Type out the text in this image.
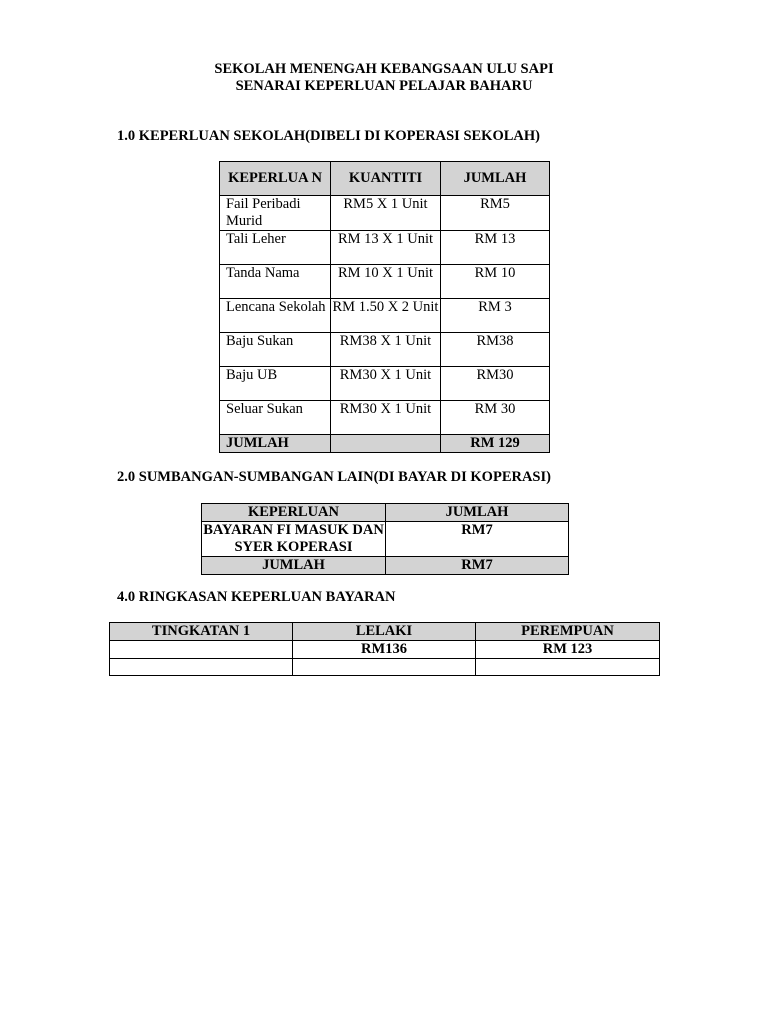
SEKOLAH MENENGAH KEBANGSAAN ULU SAPI
SENARAI KEPERLUAN PELAJAR BAHARU
1.0 KEPERLUAN SEKOLAH(DIBELI DI KOPERASI SEKOLAH)
KEPERLUA N	KUANTITI	JUMLAH
Fail Peribadi Murid	RM5 X 1 Unit	RM5
Tali Leher	RM 13 X 1 Unit	RM 13
Tanda Nama	RM 10 X 1 Unit	RM 10
Lencana Sekolah	RM 1.50 X 2 Unit	RM 3
Baju Sukan	RM38 X 1 Unit	RM38
Baju UB	RM30 X 1 Unit	RM30
Seluar Sukan	RM30 X 1 Unit	RM 30
JUMLAH		RM 129
2.0 SUMBANGAN-SUMBANGAN LAIN(DI BAYAR DI KOPERASI)
KEPERLUAN	JUMLAH
BAYARAN FI MASUK DAN SYER KOPERASI	RM7
JUMLAH	RM7
4.0 RINGKASAN KEPERLUAN BAYARAN
TINGKATAN 1	LELAKI	PEREMPUAN
	RM136	RM 123
